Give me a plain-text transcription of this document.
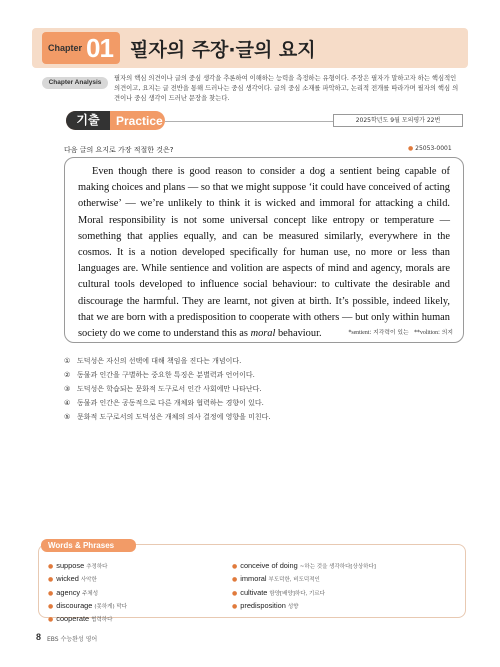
Chapter 01 필자의 주장·글의 요지
Chapter Analysis
필자의 핵심 의견이나 글의 중심 생각을 추론하여 이해하는 능력을 측정하는 유형이다. 주장은 필자가 말하고자 하는 핵심적인 의견이고, 요지는 글 전반을 통해 드러나는 중심 생각이다. 글의 중심 소재를 파악하고, 논리적 전개를 따라가며 필자의 핵심 의견이나 중심 생각이 드러난 문장을 찾는다.
기출	Practice	2025학년도 9월 모의평가 22번
다음 글의 요지로 가장 적절한 것은?	● 25053-0001

Even though there is good reason to consider a dog a sentient being capable of making choices and plans — so that we might suppose ‘it could have conceived of acting otherwise’ — we’re unlikely to think it is wicked and immoral for attacking a child. Moral responsibility is not some universal concept like entropy or temperature — something that applies equally, and can be measured similarly, everywhere in the cosmos. It is a notion developed specifically for human use, no more or less than languages are. While sentience and volition are aspects of mind and agency, morals are cultural tools developed to influence social behaviour: to cultivate the desirable and discourage the harmful. They are learnt, not given at birth. It’s possible, indeed likely, that we are born with a predisposition to cooperate with others — but only within human society do we come to understand this as moral behaviour.	*sentient: 지각력이 있는   **volition: 의지
① 도덕성은 자신의 선택에 대해 책임을 진다는 개념이다.
② 동물과 인간을 구별하는 중요한 특징은 분별력과 언어이다.
③ 도덕성은 학습되는 문화적 도구로서 인간 사회에만 나타난다.
④ 동물과 인간은 공동적으로 다른 개체와 협력하는 경향이 있다.
⑤ 문화적 도구로서의 도덕성은 개체의 의사 결정에 영향을 미친다.
Words & Phrases
● suppose 추정하다
● wicked 사악한
● agency 주체성
● discourage (못하게) 막다
● cooperate 협력하다
● conceive of doing ~하는 것을 생각하다[상상하다]
● immoral 부도덕한, 비도덕적인
● cultivate 함양[배양]하다, 기르다
● predisposition 성향
8 EBS 수능완성 영어
